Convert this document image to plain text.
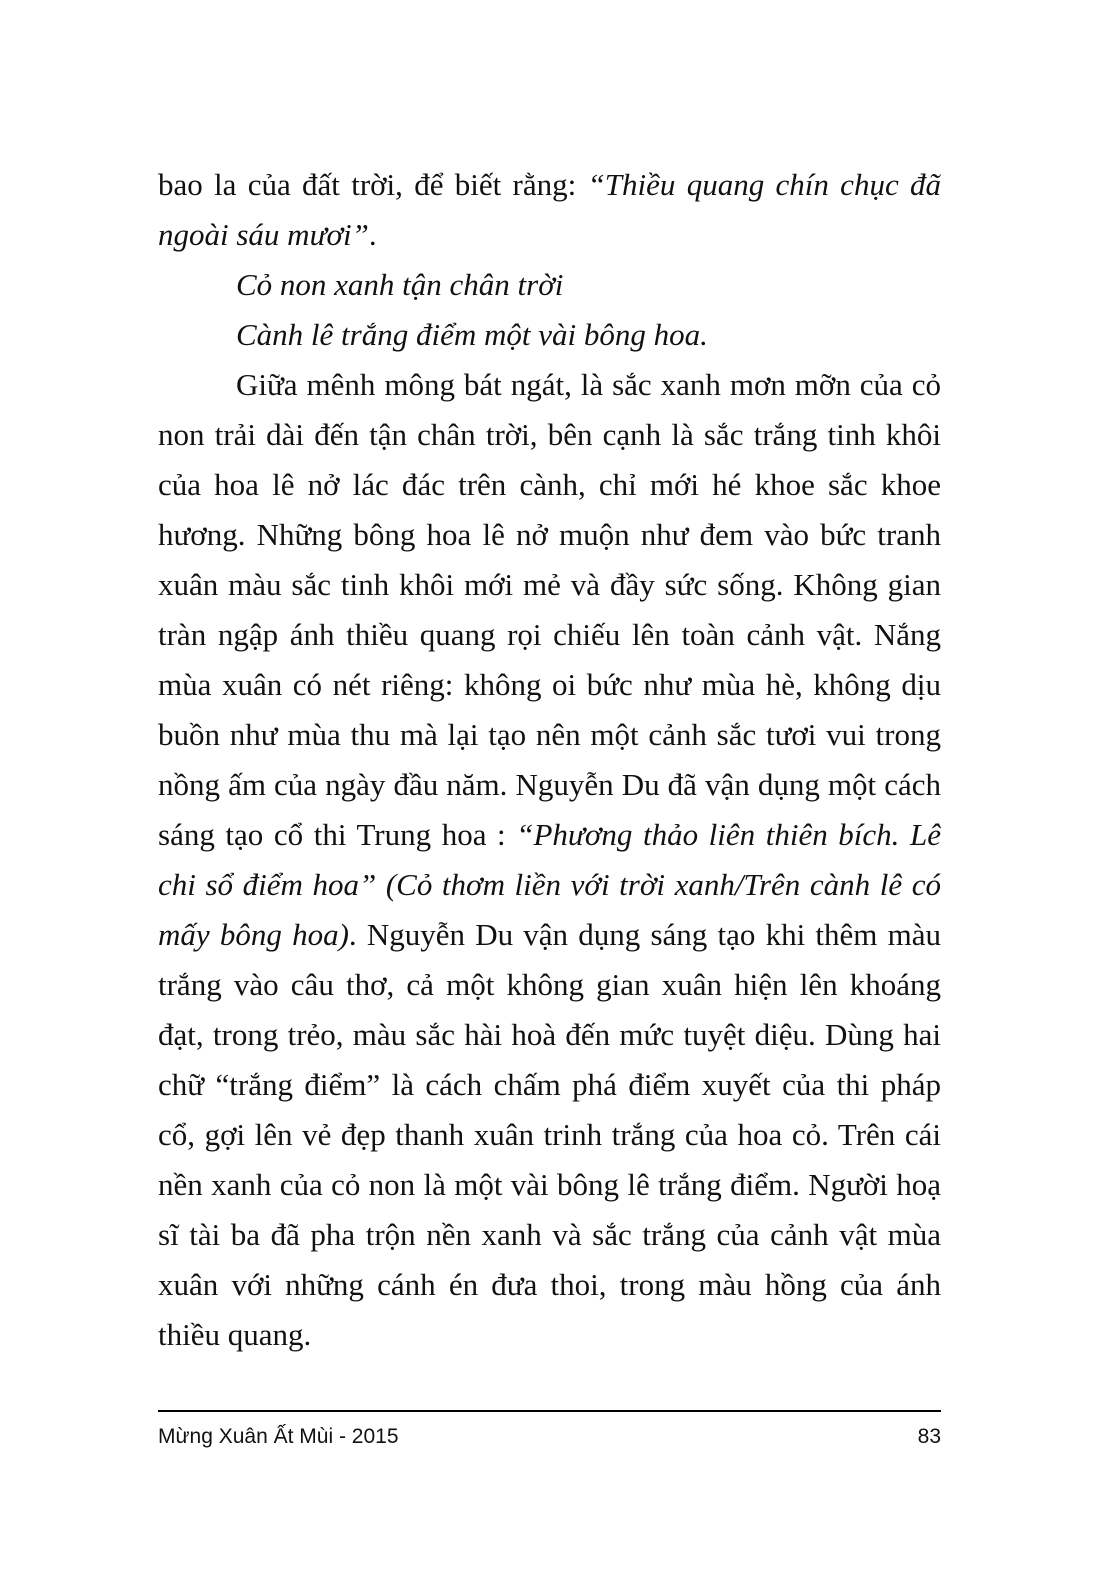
bao la của đất trời, để biết rằng: “Thiều quang chín chục đã ngoài sáu mươi”.

Cỏ non xanh tận chân trời

Cành lê trắng điểm một vài bông hoa.

Giữa mênh mông bát ngát, là sắc xanh mơn mỡn của cỏ non trải dài đến tận chân trời, bên cạnh là sắc trắng tinh khôi của hoa lê nở lác đác trên cành, chỉ mới hé khoe sắc khoe hương. Những bông hoa lê nở muộn như đem vào bức tranh xuân màu sắc tinh khôi mới mẻ và đầy sức sống. Không gian tràn ngập ánh thiều quang rọi chiếu lên toàn cảnh vật. Nắng mùa xuân có nét riêng: không oi bức như mùa hè, không dịu buồn như mùa thu mà lại tạo nên một cảnh sắc tươi vui trong nồng ấm của ngày đầu năm. Nguyễn Du đã vận dụng một cách sáng tạo cổ thi Trung hoa : “Phương thảo liên thiên bích. Lê chi sổ điểm hoa” (Cỏ thơm liền với trời xanh/Trên cành lê có mấy bông hoa). Nguyễn Du vận dụng sáng tạo khi thêm màu trắng vào câu thơ, cả một không gian xuân hiện lên khoáng đạt, trong trẻo, màu sắc hài hoà đến mức tuyệt diệu. Dùng hai chữ “trắng điểm” là cách chấm phá điểm xuyết của thi pháp cổ, gợi lên vẻ đẹp thanh xuân trinh trắng của hoa cỏ. Trên cái nền xanh của cỏ non là một vài bông lê trắng điểm. Người hoạ sĩ tài ba đã pha trộn nền xanh và sắc trắng của cảnh vật mùa xuân với những cánh én đưa thoi, trong màu hồng của ánh thiều quang.

Mừng Xuân Ất Mùi - 2015	83
